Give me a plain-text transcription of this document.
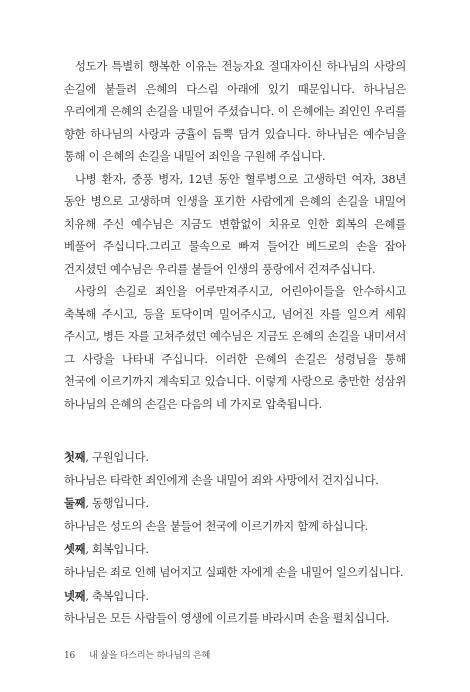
성도가 특별히 행복한 이유는 전능자요 절대자이신 하나님의 사랑의 손길에 붙들려 은혜의 다스림 아래에 있기 때문입니다. 하나님은 우리에게 은혜의 손길을 내밀어 주셨습니다. 이 은혜에는 죄인인 우리를 향한 하나님의 사랑과 긍휼이 듬뿍 담겨 있습니다. 하나님은 예수님을 통해 이 은혜의 손길을 내밀어 죄인을 구원해 주십니다.

나병 환자, 중풍 병자, 12년 동안 혈루병으로 고생하던 여자, 38년 동안 병으로 고생하며 인생을 포기한 사람에게 은혜의 손길을 내밀어 치유해 주신 예수님은 지금도 변함없이 치유로 인한 회복의 은혜를 베풀어 주십니다.그리고 물속으로 빠져 들어간 베드로의 손을 잡아 건지셨던 예수님은 우리를 붙들어 인생의 풍랑에서 건져주십니다.

사랑의 손길로 죄인을 어루만져주시고, 어린아이들을 안수하시고 축복해 주시고, 등을 토닥이며 밀어주시고, 넘어진 자를 일으켜 세워 주시고, 병든 자를 고쳐주셨던 예수님은 지금도 은혜의 손길을 내미셔서 그 사랑을 나타내 주십니다. 이러한 은혜의 손길은 성령님을 통해 천국에 이르기까지 계속되고 있습니다. 이렇게 사랑으로 충만한 성삼위 하나님의 은혜의 손길은 다음의 네 가지로 압축됩니다.

첫째, 구원입니다.

하나님은 타락한 죄인에게 손을 내밀어 죄와 사망에서 건지십니다.

둘째, 동행입니다.

하나님은 성도의 손을 붙들어 천국에 이르기까지 함께 하십니다.

셋째, 회복입니다.

하나님은 죄로 인해 넘어지고 실패한 자에게 손을 내밀어 일으키십니다.

넷째, 축복입니다.

하나님은 모든 사람들이 영생에 이르기를 바라시며 손을 펼치십니다.

16 내 삶을 다스리는 하나님의 은혜
